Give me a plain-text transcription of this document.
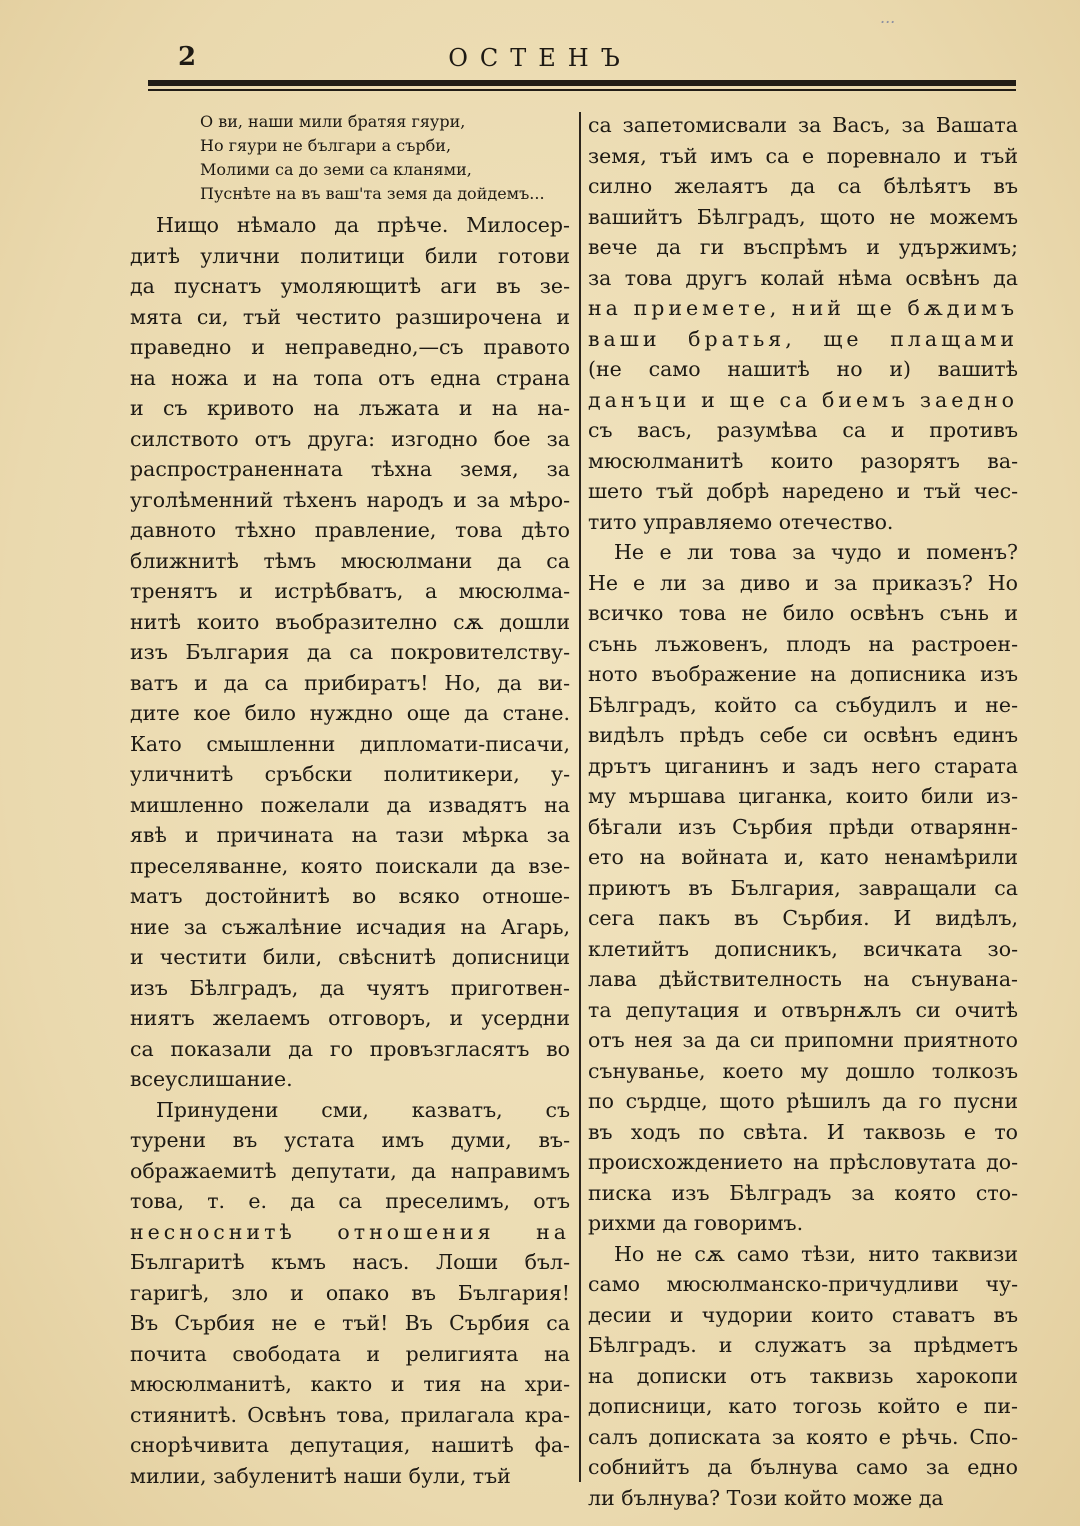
...
2	ОСТЕНЪ
О ви, наши мили братяя гяури,
Но гяури не българи а сърби,
Молими са до земи са кланями,
Пуснѣте на въ ваш'та земя да дойдемъ...
Нищо нѣмало да прѣче. Милосер-
дитѣ улични политици били готови
да пуснатъ умоляющитѣ аги въ зе-
мята си, тъй честито разширочена и
праведно и неправедно,—съ правото
на ножа и на топа отъ една страна
и съ кривото на лъжата и на на-
силството отъ друга: изгодно бое за
распространенната тѣхна земя, за
уголѣменний тѣхенъ народъ и за мѣро-
давното тѣхно правление, това дѣто
ближнитѣ тѣмъ мюсюлмани да са
тренятъ и истрѣбватъ, а мюсюлма-
нитѣ които въобразително сѫ дошли
изъ България да са покровителству-
ватъ и да са прибиратъ! Но, да ви-
дите кое било нуждно още да стане.
Като смышленни дипломати-писачи,
уличнитѣ сръбски политикери, у-
мишленно пожелали да извадятъ на
явѣ и причината на тази мѣрка за
преселяванне, която поискали да взе-
матъ достойнитѣ во всяко отноше-
ние за съжалѣние исчадия на Агарь,
и честити били, свѣснитѣ дописници
изъ Бѣлградъ, да чуятъ приготвен-
ниятъ желаемъ отговоръ, и усердни
са показали да го провъзгласятъ во
всеуслишание.
Принудени сми, казватъ, съ
турени въ устата имъ думи, въ-
ображаемитѣ депутати, да направимъ
това, т. е. да са преселимъ, отъ
несноснитѣ отношения на
Българитѣ къмъ насъ. Лоши бъл-
гаригѣ, зло и опако въ България!
Въ Сърбия не е тъй! Въ Сърбия са
почита свободата и религията на
мюсюлманитѣ, както и тия на хри-
стиянитѣ. Освѣнъ това, прилагала кра-
снорѣчивита депутация, нашитѣ фа-
милии, забуленитѣ наши були, тъй
са запетомисвали за Васъ, за Вашата
земя, тъй имъ са е поревнало и тъй
силно желаятъ да са бѣлѣятъ въ
вашийтъ Бѣлградъ, щото не можемъ
вече да ги въспрѣмъ и удържимъ;
за това другъ колай нѣма освѣнъ да
на приемете, ний ще бѫдимъ
ваши братья, ще плащами
(не само нашитѣ но и) вашитѣ
данъци и ще са биемъ заедно
съ васъ, разумѣва са и противъ
мюсюлманитѣ които разорятъ ва-
шето тъй добрѣ наредено и тъй чес-
тито управляемо отечество.
Не е ли това за чудо и поменъ?
Не е ли за диво и за приказъ? Но
всичко това не било освѣнъ сънь и
сънь лъжовенъ, плодъ на растроен-
ното въображение на дописника изъ
Бѣлградъ, който са събудилъ и не-
видѣлъ прѣдъ себе си освѣнъ единъ
дрътъ циганинъ и задъ него старата
му мършава циганка, които били из-
бѣгали изъ Сърбия прѣди отварянн-
ето на войната и, като ненамѣрили
приютъ въ България, завращали са
сега пакъ въ Сърбия. И видѣлъ,
клетийтъ дописникъ, всичката зо-
лава дѣйствителность на сънувана-
та депутация и отвърнѫлъ си очитѣ
отъ нея за да си припомни приятното
сънуванье, което му дошло толкозъ
по сърдце, щото рѣшилъ да го пусни
въ ходъ по свѣта. И таквозь е то
происхождението на прѣсловутата до-
писка изъ Бѣлградъ за която сто-
рихми да говоримъ.
Но не сѫ само тѣзи, нито таквизи
само мюсюлманско-причудливи чу-
десии и чудории които ставатъ въ
Бѣлградъ. и служатъ за прѣдметъ
на дописки отъ таквизь харокопи
дописници, като тогозь който е пи-
салъ дописката за която е рѣчь. Спо-
собнийтъ да бълнува само за едно
ли бълнува? Този който може да
